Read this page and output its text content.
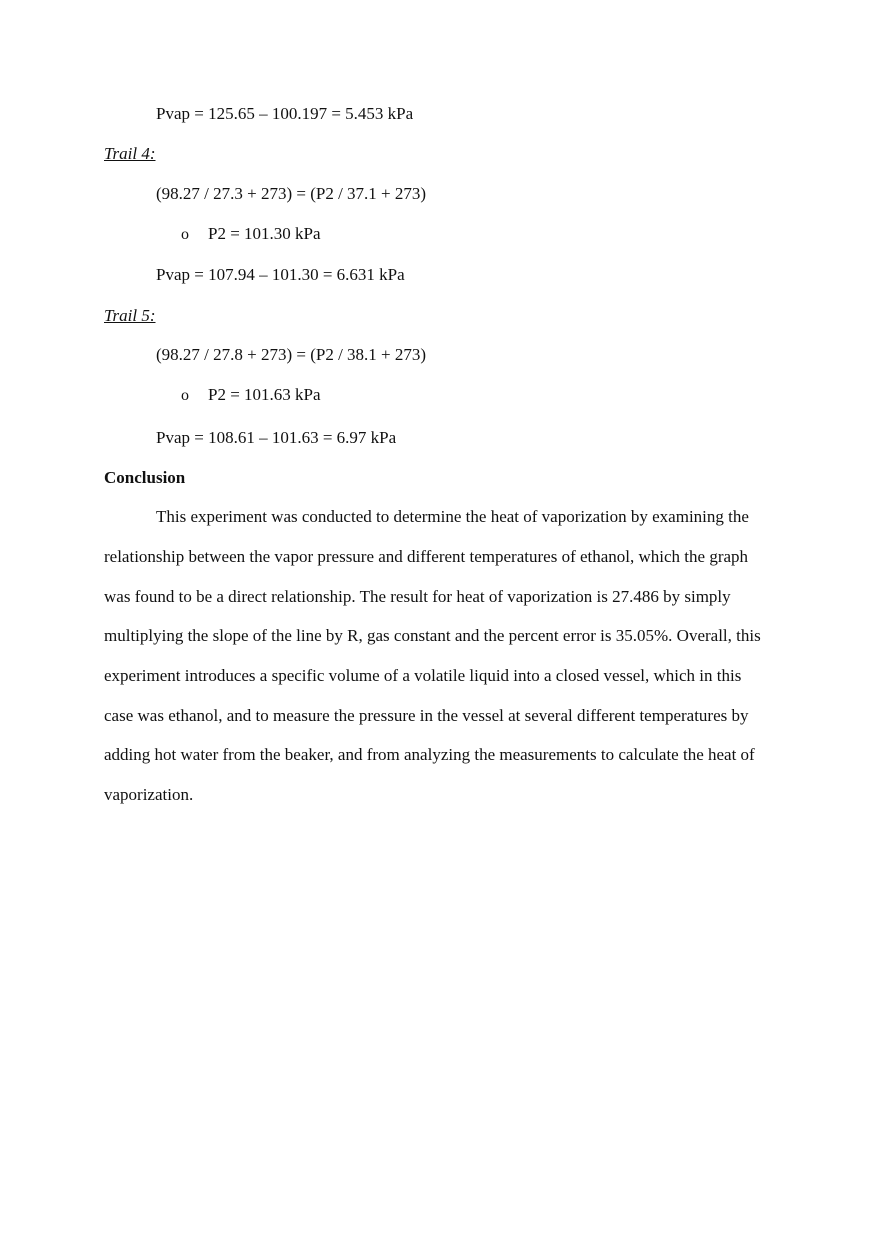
Pvap = 125.65 – 100.197 = 5.453 kPa
Trail 4:
(98.27 / 27.3 + 273) = (P2 / 37.1 + 273)
o P2 = 101.30 kPa
Pvap = 107.94 – 101.30 = 6.631 kPa
Trail 5:
(98.27 / 27.8 + 273) = (P2 / 38.1 + 273)
o P2 = 101.63 kPa
Pvap = 108.61 – 101.63 = 6.97 kPa
Conclusion
This experiment was conducted to determine the heat of vaporization by examining the
relationship between the vapor pressure and different temperatures of ethanol, which the graph
was found to be a direct relationship. The result for heat of vaporization is 27.486 by simply
multiplying the slope of the line by R, gas constant and the percent error is 35.05%. Overall, this
experiment introduces a specific volume of a volatile liquid into a closed vessel, which in this
case was ethanol, and to measure the pressure in the vessel at several different temperatures by
adding hot water from the beaker, and from analyzing the measurements to calculate the heat of
vaporization.
